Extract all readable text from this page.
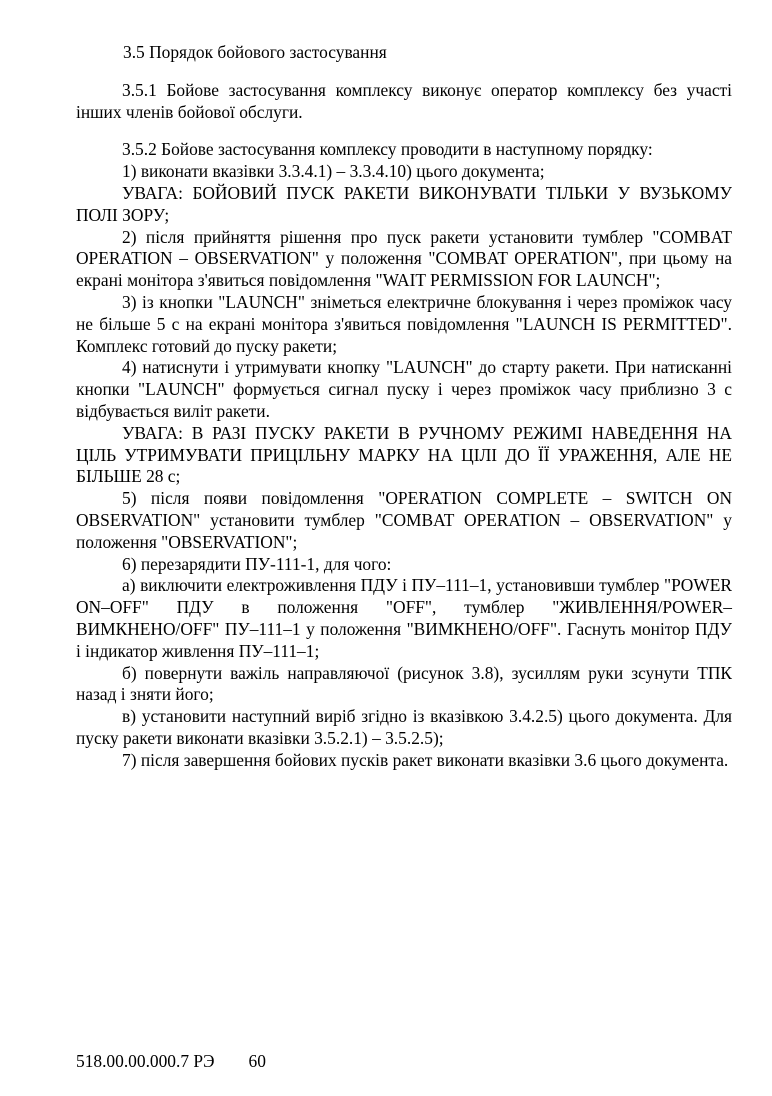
3.5 Порядок бойового застосування

3.5.1 Бойове застосування комплексу виконує оператор комплексу без участі інших членів бойової обслуги.

3.5.2 Бойове застосування комплексу проводити в наступному порядку:

1) виконати вказівки 3.3.4.1) – 3.3.4.10) цього документа;

УВАГА: БОЙОВИЙ ПУСК РАКЕТИ ВИКОНУВАТИ ТІЛЬКИ У ВУЗЬКОМУ ПОЛІ ЗОРУ;

2) після прийняття рішення про пуск ракети установити тумблер "COMBAT OPERATION – OBSERVATION" у положення "COMBAT OPERATION", при цьому на екрані монітора з'явиться повідомлення "WAIT PERMISSION FOR LAUNCH";

3) із кнопки "LAUNCH" зніметься електричне блокування і через проміжок часу не більше 5 с на екрані монітора з'явиться повідомлення "LAUNCH IS PERMITTED". Комплекс готовий до пуску ракети;

4) натиснути і утримувати кнопку "LAUNCH" до старту ракети. При натисканні кнопки "LAUNCH" формується сигнал пуску і через проміжок часу приблизно 3 с відбувається виліт ракети.

УВАГА: В РАЗІ ПУСКУ РАКЕТИ В РУЧНОМУ РЕЖИМІ НАВЕДЕННЯ НА ЦІЛЬ УТРИМУВАТИ ПРИЦІЛЬНУ МАРКУ НА ЦІЛІ ДО ЇЇ УРАЖЕННЯ, АЛЕ НЕ БІЛЬШЕ 28 с;

5) після появи повідомлення "OPERATION COMPLETE – SWITCH ON OBSERVATION" установити тумблер "COMBAT OPERATION – OBSERVATION" у положення "OBSERVATION";

6) перезарядити ПУ-111-1, для чого:

а) виключити електроживлення ПДУ і ПУ–111–1, установивши тумблер "POWER ON–OFF" ПДУ в положення "OFF", тумблер "ЖИВЛЕННЯ/POWER–ВИМКНЕНО/OFF" ПУ–111–1 у положення "ВИМКНЕНО/OFF". Гаснуть монітор ПДУ і індикатор живлення ПУ–111–1;

б) повернути важіль направляючої (рисунок 3.8), зусиллям руки зсунути ТПК назад і зняти його;

в) установити наступний виріб згідно із вказівкою 3.4.2.5) цього документа. Для пуску ракети виконати вказівки 3.5.2.1) – 3.5.2.5);

7) після завершення бойових пусків ракет виконати вказівки 3.6 цього документа.

518.00.00.000.7 РЭ 60
